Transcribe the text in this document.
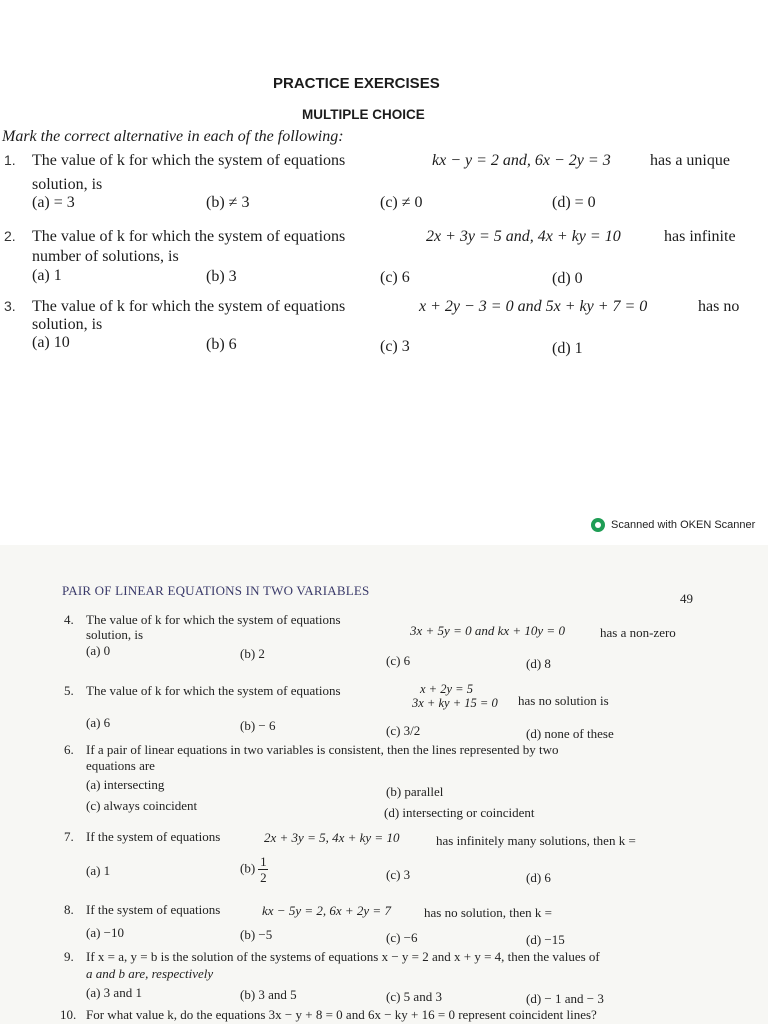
PRACTICE EXERCISES
MULTIPLE CHOICE
Mark the correct alternative in each of the following:
1. The value of k for which the system of equations	kx − y = 2 and, 6x − 2y = 3 has a unique
solution, is
(a) = 3	(b) ≠ 3	(c) ≠ 0	(d) = 0
2. The value of k for which the system of equations	2x + 3y = 5 and, 4x + ky = 10	has infinite
number of solutions, is
(a) 1	(b) 3	(c) 6	(d) 0
3. The value of k for which the system of equations	x + 2y − 3 = 0 and 5x + ky + 7 = 0	has no
solution, is
(a) 10	(b) 6	(c) 3	(d) 1
Scanned with OKEN Scanner
PAIR OF LINEAR EQUATIONS IN TWO VARIABLES
49
4. The value of k for which the system of equations
3x + 5y = 0 and kx + 10y = 0	has a non-zero
solution, is
(a) 0	(b) 2	(c) 6	(d) 8
5. The value of k for which the system of equations	x + 2y = 5
3x + ky + 15 = 0 has no solution is
(a) 6	(b) − 6	(c) 3/2	(d) none of these
6. If a pair of linear equations in two variables is consistent, then the lines represented by two
equations are
(a) intersecting	(b) parallel
(c) always coincident	(d) intersecting or coincident
7. If the system of equations	2x + 3y = 5, 4x + ky = 10	has infinitely many solutions, then k =
(a) 1	$(b) \frac{1}{2}$	(c) 3	(d) 6
8. If the system of equations	kx − 5y = 2, 6x + 2y = 7	has no solution, then k =
(a) −10	(b) −5	(c) −6	(d) −15
9. If x = a, y = b is the solution of the systems of equations x − y = 2 and x + y = 4, then the values of
a and b are, respectively
(a) 3 and 1	(b) 3 and 5	(c) 5 and 3	(d) − 1 and − 3
10. For what value k, do the equations 3x − y + 8 = 0 and 6x − ky + 16 = 0 represent coincident lines?
